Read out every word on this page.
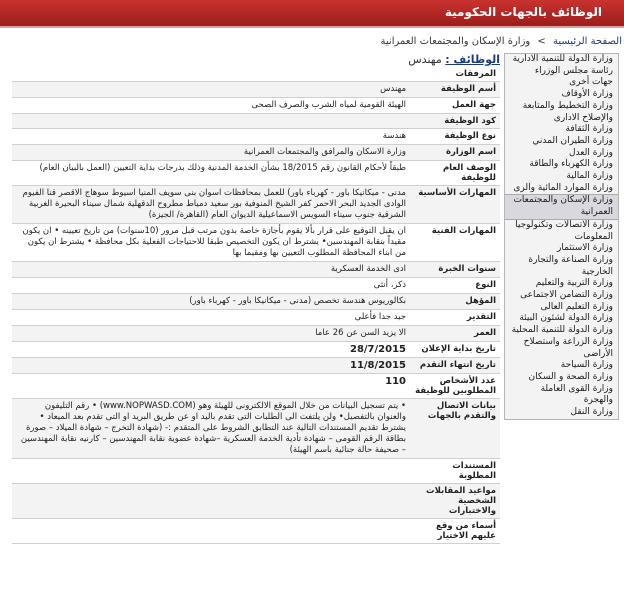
الوظائف بالجهات الحكومية
الصفحة الرئيسية > وزارة الإسكان والمجتمعات العمرانية
وزارة الدولة للتنمية الادارية
رئاسة مجلس الوزراء
جهات أخرى
وزارة الأوقاف
وزارة التخطيط والمتابعة والإصلاح الادارى
وزارة الثقافة
وزارة الطيران المدني
وزارة العدل
وزارة الكهرباء والطاقة
وزارة المالية
وزارة الموارد المائية والرى
وزارة الإسكان والمجتمعات العمرانية
وزارة الاتصالات وتكنولوجيا المعلومات
وزارة الاستثمار
وزارة الصناعة والتجارة الخارجية
وزارة التربية والتعليم
وزارة التضامن الاجتماعى
وزارة التعليم العالى
وزارة الدولة لشئون البيئة
وزارة الدولة للتنمية المحلية
وزارة الزراعة واستصلاح الأراضى
وزارة السياحة
وزارة الصحة و السكان
وزارة القوى العاملة والهجرة
وزارة النقل
الوظائف : مهندس
المرفقات	
أسم الوظيفة	مهندس
جهة العمل	الهيئة القومية لمياه الشرب والصرف الصحى
كود الوظيفة	
نوع الوظيفة	هندسة
اسم الوزارة	وزارة الاسكان والمرافق والمجتمعات العمرانية
الوصف العام للوظيفة	طبقاً لأحكام القانون رقم 18/2015 بشأن الخدمة المدنية وذلك بدرجات بداية التعيين (العمل بالبيان العام)
المهارات الأساسية	مدنى - ميكانيكا باور - كهرباء باور) للعمل بمحافظات اسوان بنى سويف المنيا اسيوط سوهاج الاقصر قنا الفيوم الوادى الجديد البحر الاحمر كفر الشيخ المنوفية بور سعيد دمياط مطروح الدقهلية شمال سيناء البحيرة الغربية الشرقية جنوب سيناء السويس الاسماعيلية الديوان العام (القاهرة/ الجيزة)
المهارات الفنية	ان يقبل التوقيع على قرار بألا يقوم بأجازة خاصة بدون مرتب قبل مرور (10سنوات) من تاريخ تعيينه • ان يكون مقيداً بنقابة المهندسين• يشترط ان يكون التخصيص طبقا للاحتياجات الفعلية بكل محافظة • يشترط ان يكون من ابناء المحافظة المطلوب التعيين بها ومقيما بها
سنوات الخبرة	ادى الخدمة العسكرية
النوع	ذكر، أنثى
المؤهل	بكالوريوس هندسة تخصص (مدنى - ميكانيكا باور - كهرباء باور)
التقدير	جيد جدا فأعلى
العمر	الا يزيد السن عن 26 عاما
تاريخ بداية الإعلان	28/7/2015
تاريخ انتهاء التقدم	11/8/2015
عدد الأشخاص المطلوبين للوظيفة	110
بيانات الاتصال والتقدم بالجهات	• يتم تسجيل البيانات من خلال الموقع الالكترونى للهيئة وهو (www.NOPWASD.COM) • رقم التليفون والعنوان بالتفصيل• ولن يلتفت الى الطلبات التى تقدم باليد او عن طريق البريد او التى تقدم بعد الميعاد • يشترط تقديم المستندات التالية عند التطابق الشروط على المتقدم :- (شهادة التخرج – شهادة الميلاد – صورة بطاقة الرقم القومى – شهادة تأدية الخدمة العسكرية –شهادة عضوية نقابة المهندسين – كارنيه نقابة المهندسين – صحيفة حالة جنائية باسم الهيئة)
المستندات المطلوبة	
مواعيد المقابلات الشخصية والاختبارات	
أسماء من وقع عليهم الاختيار	
